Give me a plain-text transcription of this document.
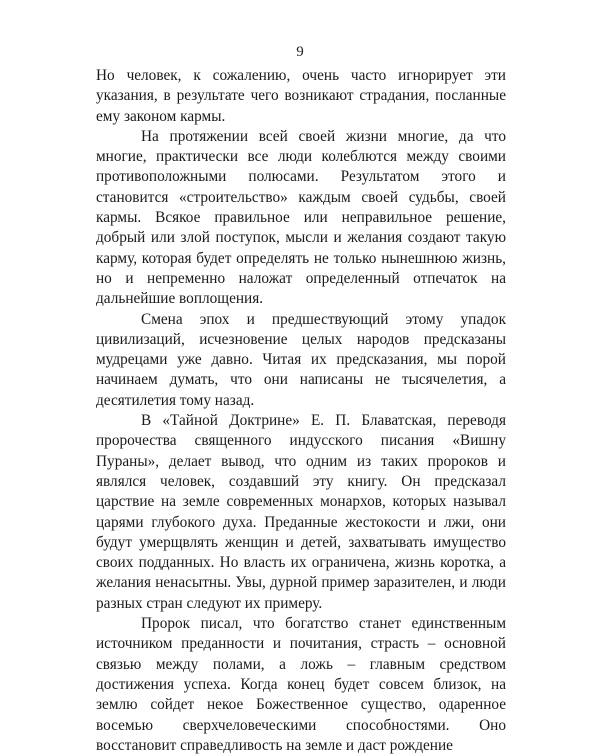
9

Но человек, к сожалению, очень часто игнорирует эти указания, в результате чего возникают страдания, посланные ему законом кармы.

На протяжении всей своей жизни многие, да что многие, практически все люди колеблются между своими противоположными полюсами. Результатом этого и становится «строительство» каждым своей судьбы, своей кармы. Всякое правильное или неправильное решение, добрый или злой поступок, мысли и желания создают такую карму, которая будет определять не только нынешнюю жизнь, но и непременно наложат определенный отпечаток на дальнейшие воплощения.

Смена эпох и предшествующий этому упадок цивилизаций, исчезновение целых народов предсказаны мудрецами уже давно. Читая их предсказания, мы порой начинаем думать, что они написаны не тысячелетия, а десятилетия тому назад.

В «Тайной Доктрине» Е. П. Блаватская, переводя пророчества священного индусского писания «Вишну Пураны», делает вывод, что одним из таких пророков и являлся человек, создавший эту книгу. Он предсказал царствие на земле современных монархов, которых называл царями глубокого духа. Преданные жестокости и лжи, они будут умерщвлять женщин и детей, захватывать имущество своих подданных. Но власть их ограничена, жизнь коротка, а желания ненасытны. Увы, дурной пример заразителен, и люди разных стран следуют их примеру.

Пророк писал, что богатство станет единственным источником преданности и почитания, страсть – основной связью между полами, а ложь – главным средством достижения успеха. Когда конец будет совсем близок, на землю сойдет некое Божественное существо, одаренное восемью сверхчеловеческими способностями. Оно восстановит справедливость на земле и даст рождение
